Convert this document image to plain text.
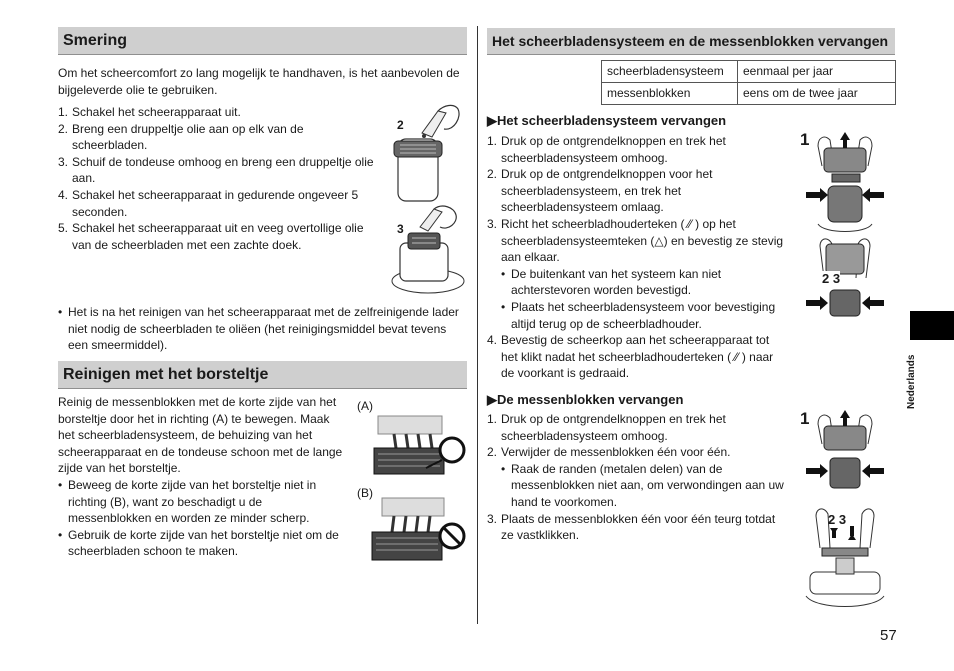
Smering
Om het scheercomfort zo lang mogelijk te handhaven, is het aanbevolen de bijgeleverde olie te gebruiken.
1. Schakel het scheerapparaat uit.
2. Breng een druppeltje olie aan op elk van de scheerbladen.
3. Schuif de tondeuse omhoog en breng een druppeltje olie aan.
4. Schakel het scheerapparaat in gedurende ongeveer 5 seconden.
5. Schakel het scheerapparaat uit en veeg overtollige olie van de scheerbladen met een zachte doek.
2
3
• Het is na het reinigen van het scheerapparaat met de zelfreinigende lader niet nodig de scheerbladen te oliëen (het reinigingsmiddel bevat tevens een smeermiddel).
Reinigen met het borsteltje
Reinig de messenblokken met de korte zijde van het borsteltje door het in richting (A) te bewegen. Maak het scheerbladensysteem, de behuizing van het scheerapparaat en de tondeuse schoon met de lange zijde van het borsteltje.
• Beweeg de korte zijde van het borsteltje niet in richting (B), want zo beschadigt u de messenblokken en worden ze minder scherp.
• Gebruik de korte zijde van het borsteltje niet om de scheerbladen schoon te maken.
(A)
(B)
Het scheerbladensysteem en de messenblokken vervangen
scheerbladensysteem	eenmaal per jaar
messenblokken	eens om de twee jaar
▶Het scheerbladensysteem vervangen
1. Druk op de ontgrendelknoppen en trek het scheerbladensysteem omhoog.
2. Druk op de ontgrendelknoppen voor het scheerbladensysteem, en trek het scheerbladensysteem omlaag.
3. Richt het scheerbladhouderteken ( ⁄⁄ ) op het scheerbladensysteemteken (△) en bevestig ze stevig aan elkaar.
• De buitenkant van het systeem kan niet achterstevoren worden bevestigd.
• Plaats het scheerbladensysteem voor bevestiging altijd terug op de scheerbladhouder.
4. Bevestig de scheerkop aan het scheerapparaat tot het klikt nadat het scheerbladhouderteken ( ⁄⁄ ) naar de voorkant is gedraaid.
1
2 3
▶De messenblokken vervangen
1. Druk op de ontgrendelknoppen en trek het scheerbladensysteem omhoog.
2. Verwijder de messenblokken één voor één.
• Raak de randen (metalen delen) van de messenblokken niet aan, om verwondingen aan uw hand te voorkomen.
3. Plaats de messenblokken één voor één teurg totdat ze vastklikken.
1
2 3
Nederlands
57
